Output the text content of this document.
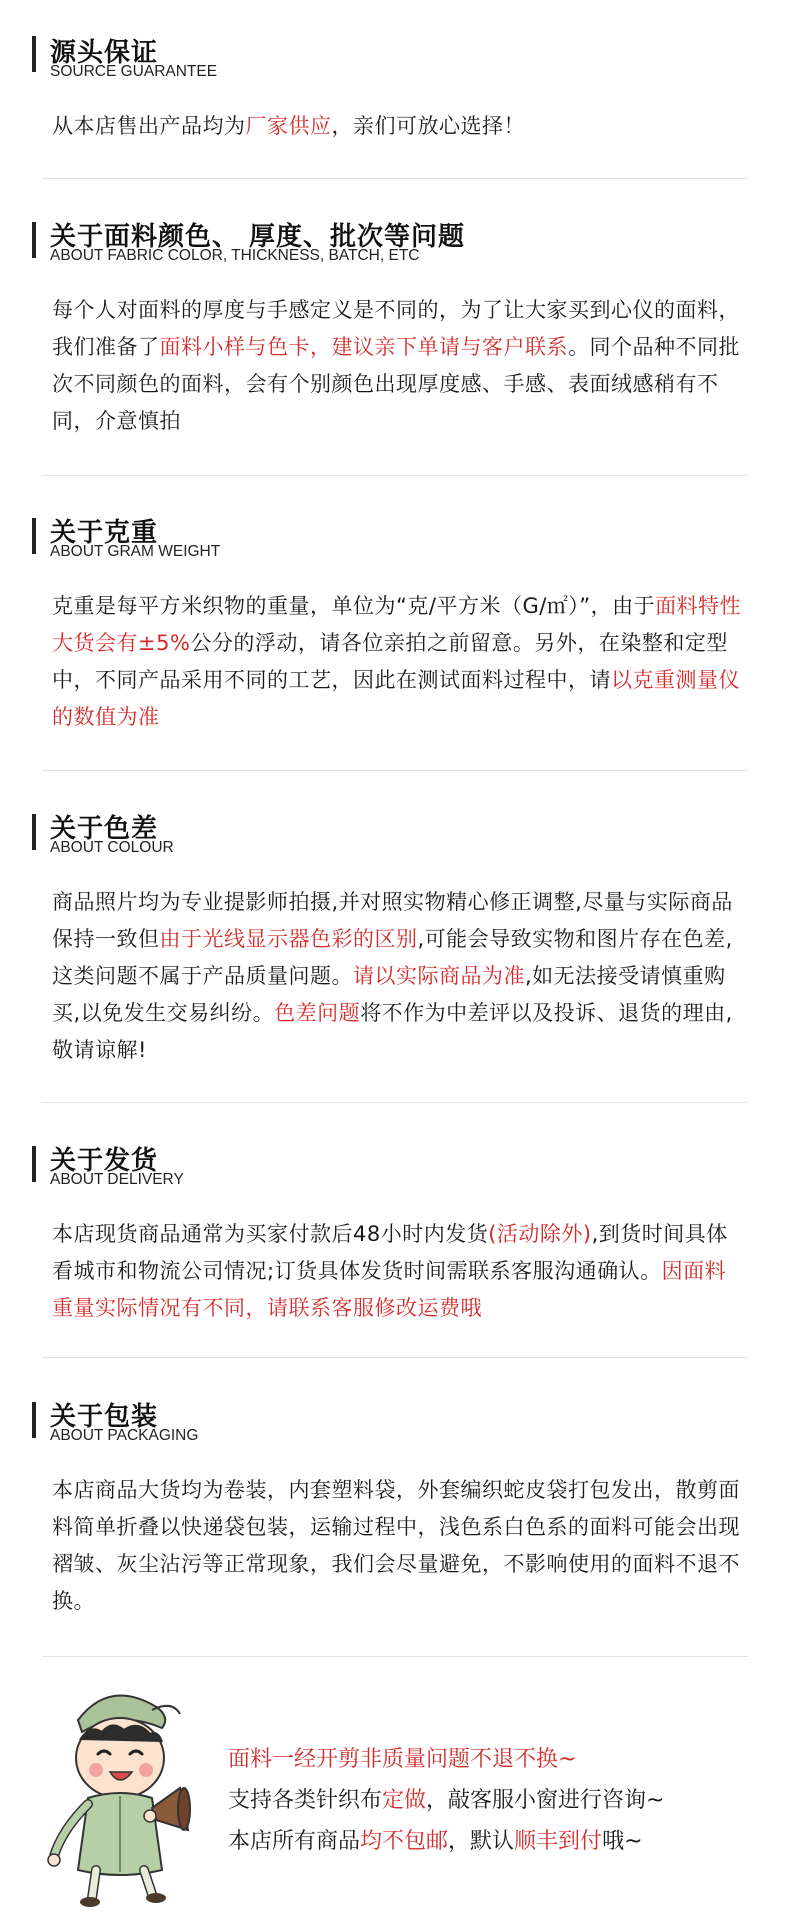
源头保证
SOURCE GUARANTEE
从本店售出产品均为厂家供应，亲们可放心选择！
关于面料颜色、 厚度、批次等问题
ABOUT FABRIC COLOR, THICKNESS, BATCH, ETC
每个人对面料的厚度与手感定义是不同的，为了让大家买到心仪的面料，我们准备了面料小样与色卡，建议亲下单请与客户联系。同个品种不同批次不同颜色的面料，会有个别颜色出现厚度感、手感、表面绒感稍有不同，介意慎拍
关于克重
ABOUT GRAM WEIGHT
克重是每平方米织物的重量，单位为“克/平方米（G/㎡）”，由于面料特性大货会有±5%公分的浮动，请各位亲拍之前留意。另外，在染整和定型中，不同产品采用不同的工艺，因此在测试面料过程中，请以克重测量仪的数值为准
关于色差
ABOUT COLOUR
商品照片均为专业提影师拍摄,并对照实物精心修正调整,尽量与实际商品保持一致但由于光线显示器色彩的区别,可能会导致实物和图片存在色差,这类问题不属于产品质量问题。请以实际商品为准,如无法接受请慎重购买,以免发生交易纠纷。色差问题将不作为中差评以及投诉、退货的理由,敬请谅解!
关于发货
ABOUT DELIVERY
本店现货商品通常为买家付款后48小时内发货(活动除外),到货时间具体看城市和物流公司情况;订货具体发货时间需联系客服沟通确认。因面料重量实际情况有不同，请联系客服修改运费哦
关于包装
ABOUT PACKAGING
本店商品大货均为卷装，内套塑料袋，外套编织蛇皮袋打包发出，散剪面料简单折叠以快递袋包装，运输过程中，浅色系白色系的面料可能会出现褶皱、灰尘沾污等正常现象，我们会尽量避免，不影响使用的面料不退不换。
面料一经开剪非质量问题不退不换~
支持各类针织布定做，敲客服小窗进行咨询~
本店所有商品均不包邮，默认顺丰到付哦~
